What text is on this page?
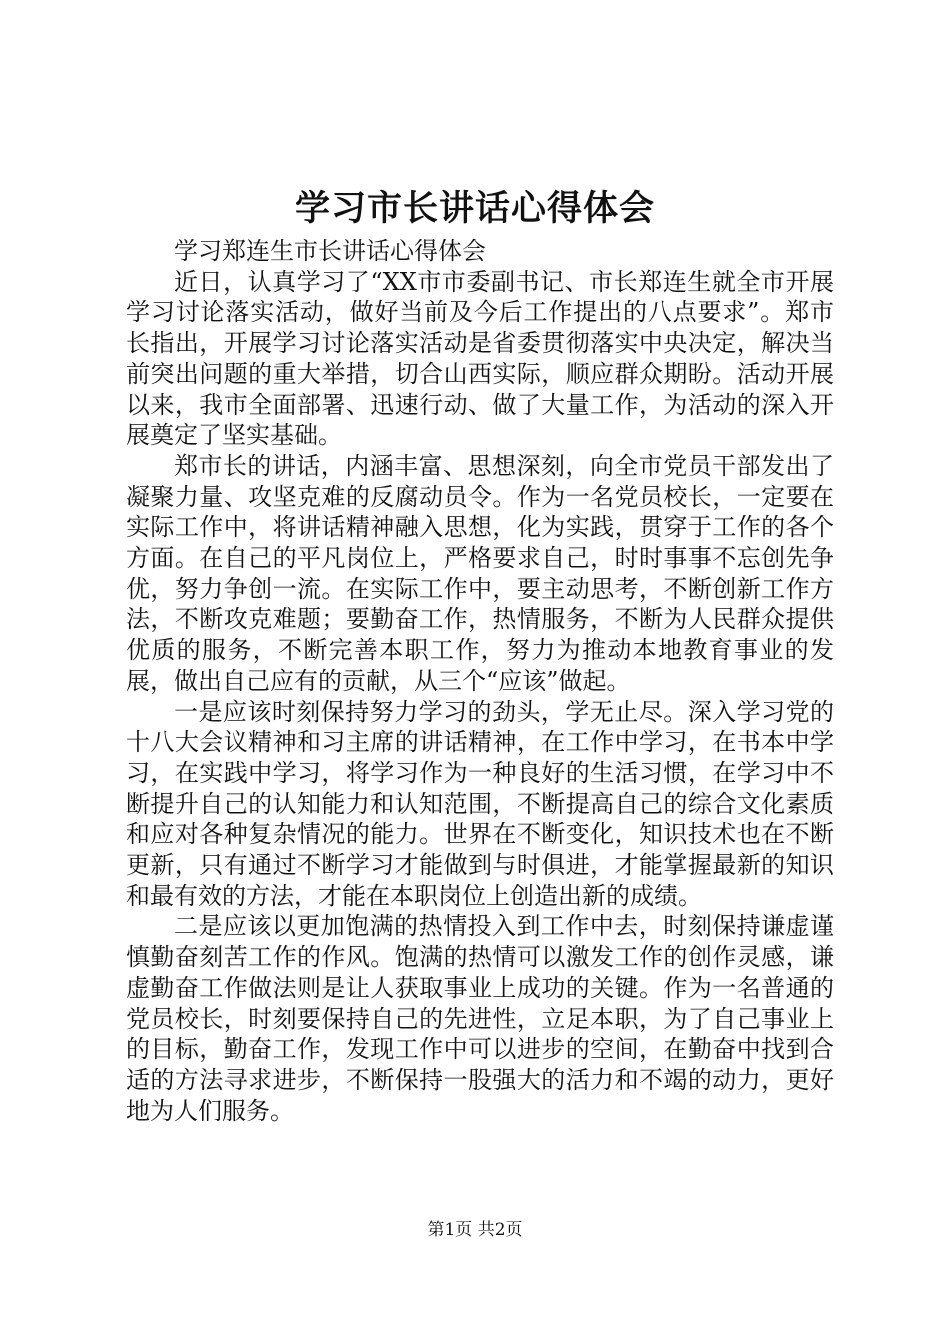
学习市长讲话心得体会

学习郑连生市长讲话心得体会

近日，认真学习了“XX市市委副书记、市长郑连生就全市开展学习讨论落实活动，做好当前及今后工作提出的八点要求”。郑市长指出，开展学习讨论落实活动是省委贯彻落实中央决定，解决当前突出问题的重大举措，切合山西实际，顺应群众期盼。活动开展以来，我市全面部署、迅速行动、做了大量工作，为活动的深入开展奠定了坚实基础。

郑市长的讲话，内涵丰富、思想深刻，向全市党员干部发出了凝聚力量、攻坚克难的反腐动员令。作为一名党员校长，一定要在实际工作中，将讲话精神融入思想，化为实践，贯穿于工作的各个方面。在自己的平凡岗位上，严格要求自己，时时事事不忘创先争优，努力争创一流。在实际工作中，要主动思考，不断创新工作方法，不断攻克难题；要勤奋工作，热情服务，不断为人民群众提供优质的服务，不断完善本职工作，努力为推动本地教育事业的发展，做出自己应有的贡献，从三个“应该”做起。

一是应该时刻保持努力学习的劲头，学无止尽。深入学习党的十八大会议精神和习主席的讲话精神，在工作中学习，在书本中学习，在实践中学习，将学习作为一种良好的生活习惯，在学习中不断提升自己的认知能力和认知范围，不断提高自己的综合文化素质和应对各种复杂情况的能力。世界在不断变化，知识技术也在不断更新，只有通过不断学习才能做到与时俱进，才能掌握最新的知识和最有效的方法，才能在本职岗位上创造出新的成绩。

二是应该以更加饱满的热情投入到工作中去，时刻保持谦虚谨慎勤奋刻苦工作的作风。饱满的热情可以激发工作的创作灵感，谦虚勤奋工作做法则是让人获取事业上成功的关键。作为一名普通的党员校长，时刻要保持自己的先进性，立足本职，为了自己事业上的目标，勤奋工作，发现工作中可以进步的空间，在勤奋中找到合适的方法寻求进步，不断保持一股强大的活力和不竭的动力，更好地为人们服务。

第1页 共2页
